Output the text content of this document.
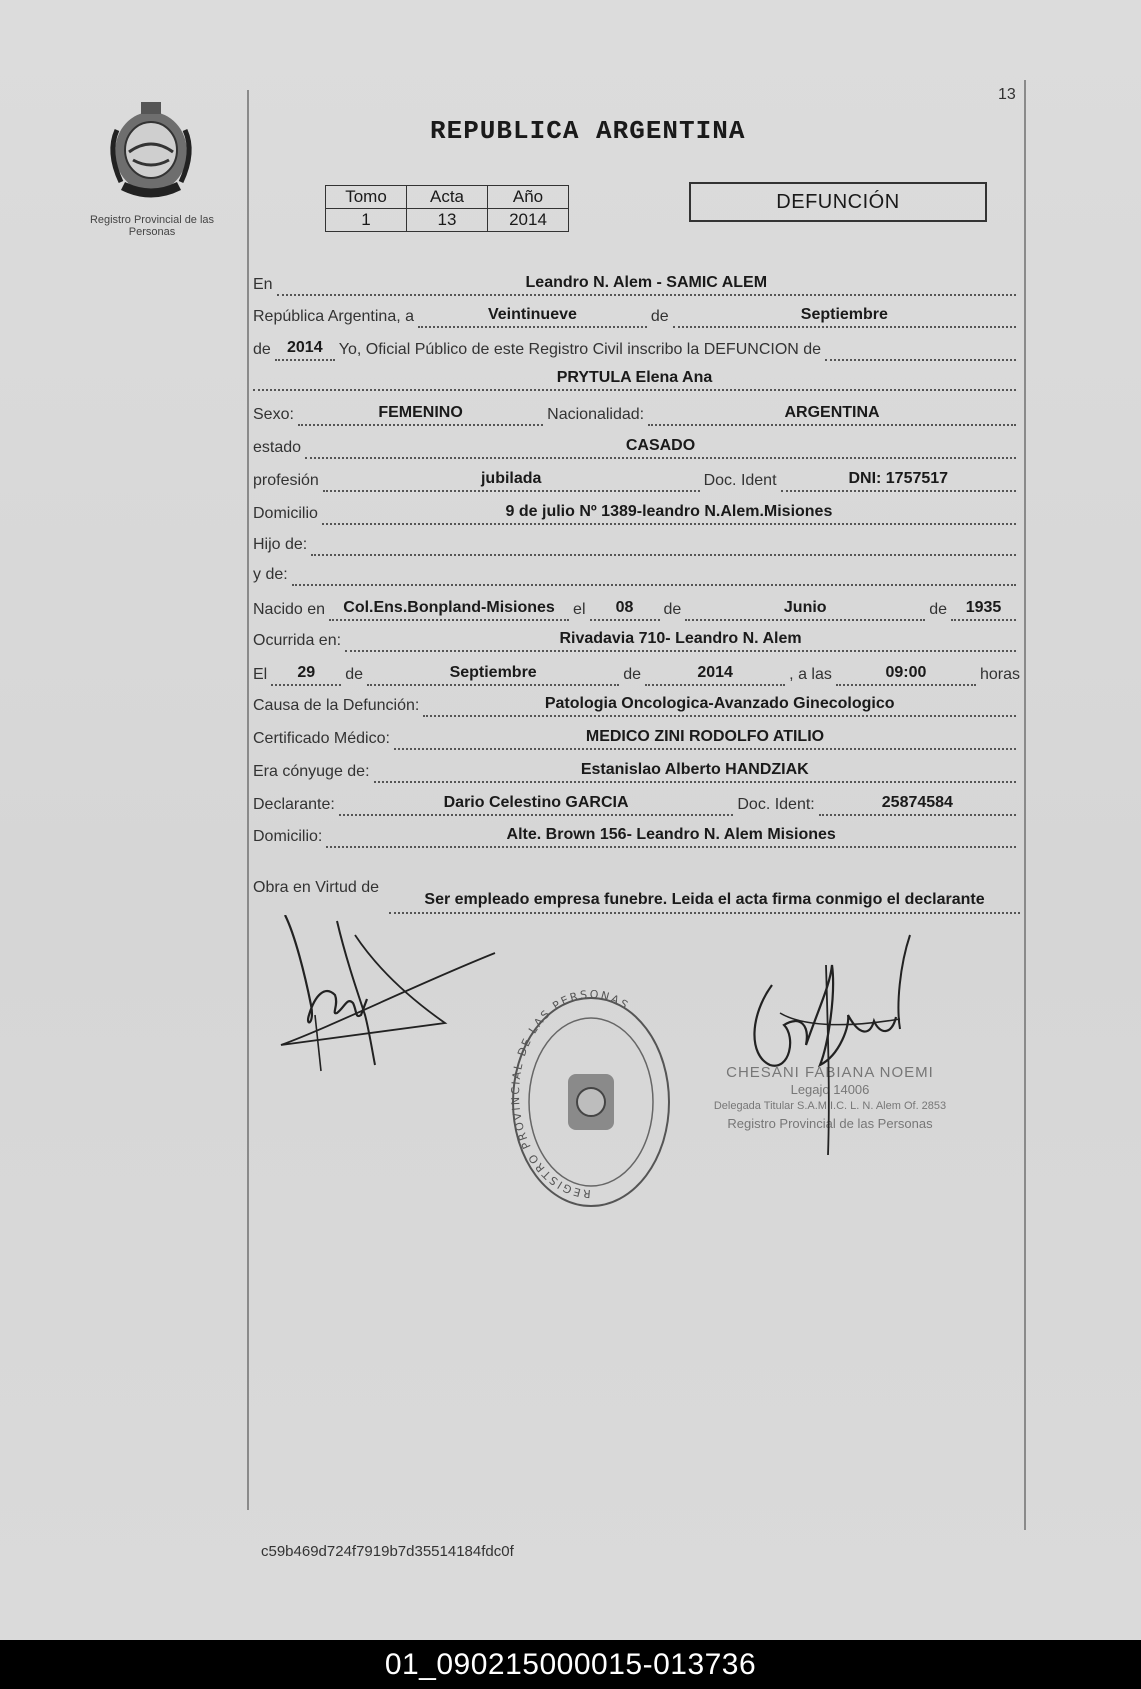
Registro Provincial de las Personas
13
REPUBLICA ARGENTINA
Tomo	Acta	Año
1	13	2014
DEFUNCIÓN
En	Leandro N. Alem - SAMIC ALEM
República Argentina, a	Veintinueve	de	Septiembre
de	2014	Yo, Oficial Público de este Registro Civil inscribo la DEFUNCION de
PRYTULA Elena Ana
Sexo:	FEMENINO	Nacionalidad:	ARGENTINA
estado	CASADO
profesión	jubilada	Doc. Ident	DNI: 1757517
Domicilio	9 de julio Nº 1389-leandro N.Alem.Misiones
Hijo de:
y de:
Nacido en	Col.Ens.Bonpland-Misiones	el	08	de	Junio	de	1935
Ocurrida en:	Rivadavia 710- Leandro N. Alem
El	29	de	Septiembre	de	2014	, a las	09:00	horas
Causa de la Defunción:	Patologia Oncologica-Avanzado Ginecologico
Certificado Médico:	MEDICO ZINI RODOLFO ATILIO
Era cónyuge de:	Estanislao Alberto HANDZIAK
Declarante:	Dario Celestino GARCIA	Doc. Ident:	25874584
Domicilio:	Alte. Brown 156- Leandro N. Alem Misiones
Obra en Virtud de
Ser empleado empresa funebre. Leida el acta firma conmigo el declarante
REGISTRO PROVINCIAL DE LAS PERSONAS
CHESANI FABIANA NOEMI
Legajo 14006
Delegada Titular S.A.M.I.C. L. N. Alem Of. 2853
Registro Provincial de las Personas
c59b469d724f7919b7d35514184fdc0f
01_090215000015-013736
